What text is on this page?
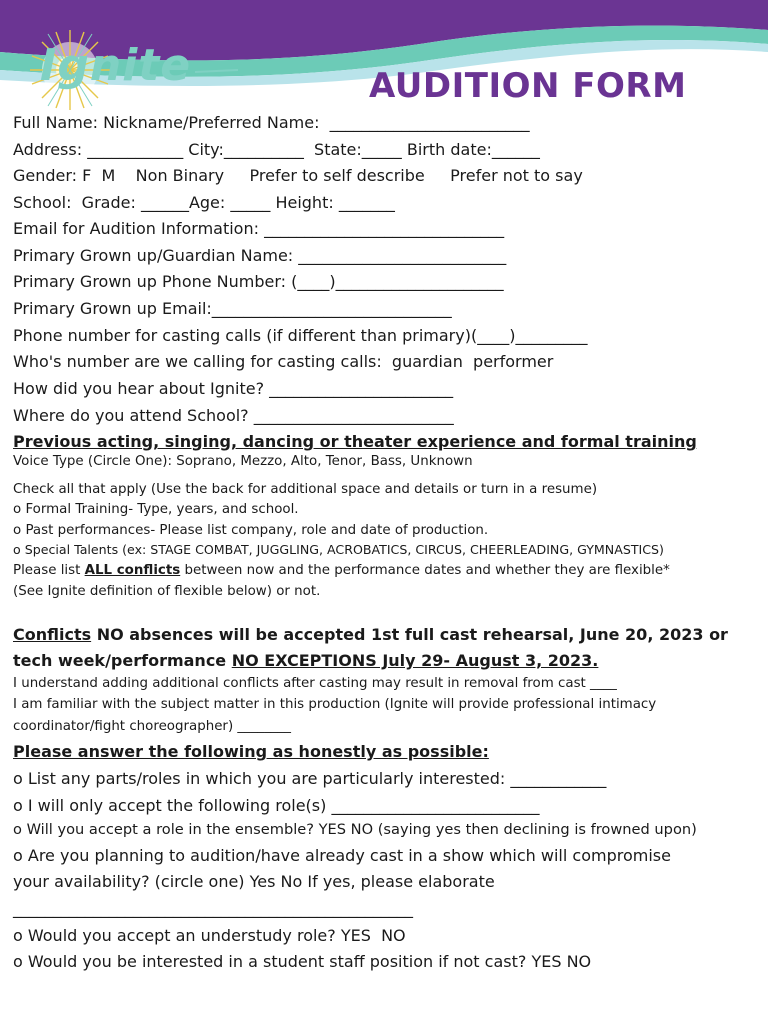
Ignite	AUDITION FORM
Full Name: Nickname/Preferred Name:  _________________________
Address: ____________ City:__________  State:_____ Birth date:______
Gender: F  M    Non Binary     Prefer to self describe     Prefer not to say
School:  Grade: ______Age: _____ Height: _______
Email for Audition Information: ______________________________
Primary Grown up/Guardian Name: __________________________
Primary Grown up Phone Number: (____)_____________________
Primary Grown up Email:______________________________
Phone number for casting calls (if different than primary)(____)_________
Who's number are we calling for casting calls:  guardian  performer
How did you hear about Ignite? _______________________
Where do you attend School? _________________________
Previous acting, singing, dancing or theater experience and formal training
Voice Type (Circle One): Soprano, Mezzo, Alto, Tenor, Bass, Unknown
Check all that apply (Use the back for additional space and details or turn in a resume)
o Formal Training- Type, years, and school.
o Past performances- Please list company, role and date of production.
o Special Talents (ex: STAGE COMBAT, JUGGLING, ACROBATICS, CIRCUS, CHEERLEADING, GYMNASTICS)
Please list ALL conflicts between now and the performance dates and whether they are flexible*
(See Ignite definition of flexible below) or not.
Conflicts NO absences will be accepted 1st full cast rehearsal, June 20, 2023 or
tech week/performance NO EXCEPTIONS July 29- August 3, 2023.
I understand adding additional conflicts after casting may result in removal from cast ____
I am familiar with the subject matter in this production (Ignite will provide professional intimacy
coordinator/fight choreographer) ________
Please answer the following as honestly as possible:
o List any parts/roles in which you are particularly interested: ____________
o I will only accept the following role(s) __________________________
o Will you accept a role in the ensemble? YES NO (saying yes then declining is frowned upon)
o Are you planning to audition/have already cast in a show which will compromise
your availability? (circle one) Yes No If yes, please elaborate
__________________________________________________
o Would you accept an understudy role? YES  NO
o Would you be interested in a student staff position if not cast? YES NO
